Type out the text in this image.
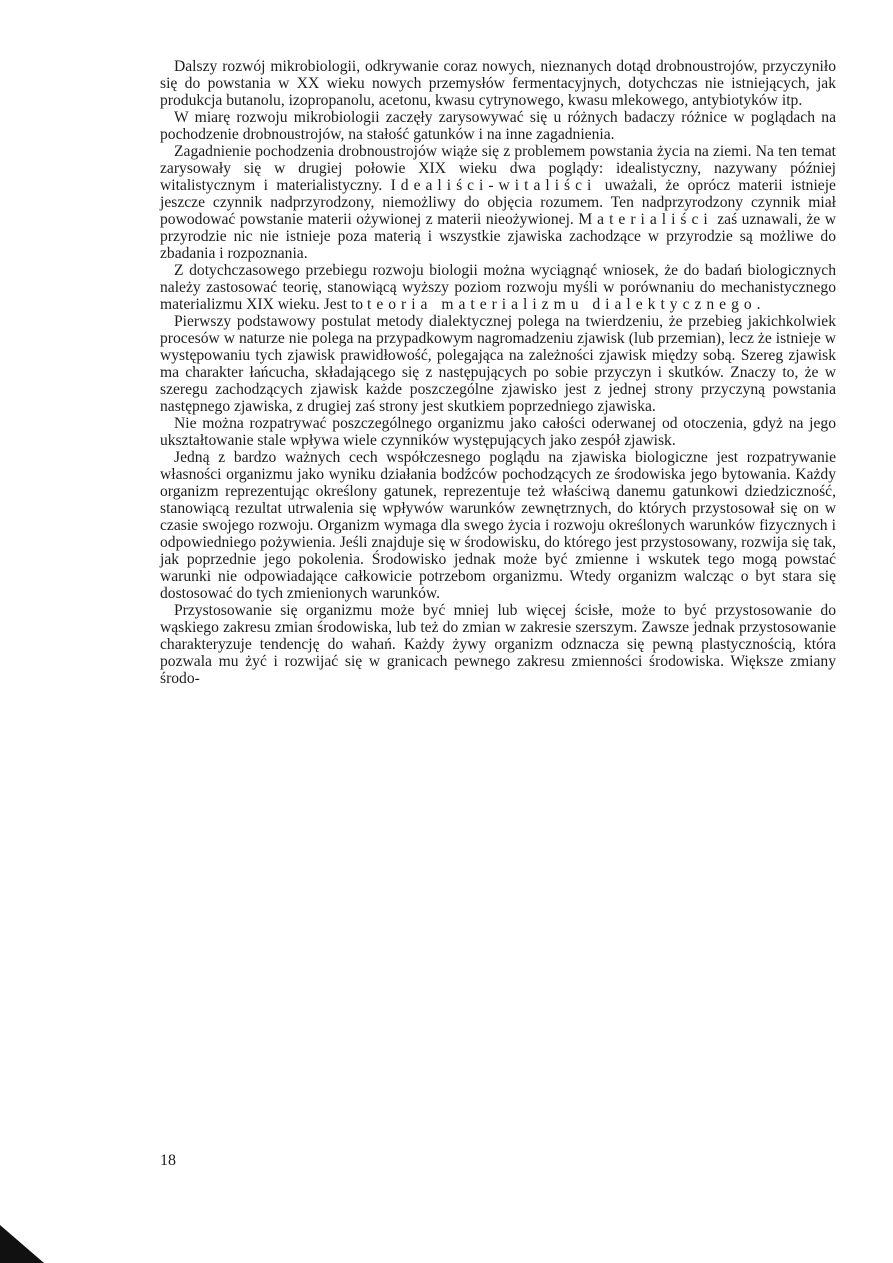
Dalszy rozwój mikrobiologii, odkrywanie coraz nowych, nieznanych dotąd drobnoustrojów, przyczyniło się do powstania w XX wieku nowych przemysłów fermentacyjnych, dotychczas nie istniejących, jak produkcja butanolu, izopropanolu, acetonu, kwasu cytrynowego, kwasu mlekowego, antybiotyków itp.

W miarę rozwoju mikrobiologii zaczęły zarysowywać się u różnych badaczy różnice w poglądach na pochodzenie drobnoustrojów, na stałość gatunków i na inne zagadnienia.

Zagadnienie pochodzenia drobnoustrojów wiąże się z problemem powstania życia na ziemi. Na ten temat zarysowały się w drugiej połowie XIX wieku dwa poglądy: idealistyczny, nazywany później witalistycznym i materialistyczny. Idealiści-witaliści uważali, że oprócz materii istnieje jeszcze czynnik nadprzyrodzony, niemożliwy do objęcia rozumem. Ten nadprzyrodzony czynnik miał powodować powstanie materii ożywionej z materii nieożywionej. Materialiści zaś uznawali, że w przyrodzie nic nie istnieje poza materią i wszystkie zjawiska zachodzące w przyrodzie są możliwe do zbadania i rozpoznania.

Z dotychczasowego przebiegu rozwoju biologii można wyciągnąć wniosek, że do badań biologicznych należy zastosować teorię, stanowiącą wyższy poziom rozwoju myśli w porównaniu do mechanistycznego materializmu XIX wieku. Jest to teoria materializmu dialektycznego.

Pierwszy podstawowy postulat metody dialektycznej polega na twierdzeniu, że przebieg jakichkolwiek procesów w naturze nie polega na przypadkowym nagromadzeniu zjawisk (lub przemian), lecz że istnieje w występowaniu tych zjawisk prawidłowość, polegająca na zależności zjawisk między sobą. Szereg zjawisk ma charakter łańcucha, składającego się z następujących po sobie przyczyn i skutków. Znaczy to, że w szeregu zachodzących zjawisk każde poszczególne zjawisko jest z jednej strony przyczyną powstania następnego zjawiska, z drugiej zaś strony jest skutkiem poprzedniego zjawiska.

Nie można rozpatrywać poszczególnego organizmu jako całości oderwanej od otoczenia, gdyż na jego ukształtowanie stale wpływa wiele czynników występujących jako zespół zjawisk.

Jedną z bardzo ważnych cech współczesnego poglądu na zjawiska biologiczne jest rozpatrywanie własności organizmu jako wyniku działania bodźców pochodzących ze środowiska jego bytowania. Każdy organizm reprezentując określony gatunek, reprezentuje też właściwą danemu gatunkowi dziedziczność, stanowiącą rezultat utrwalenia się wpływów warunków zewnętrznych, do których przystosował się on w czasie swojego rozwoju. Organizm wymaga dla swego życia i rozwoju określonych warunków fizycznych i odpowiedniego pożywienia. Jeśli znajduje się w środowisku, do którego jest przystosowany, rozwija się tak, jak poprzednie jego pokolenia. Środowisko jednak może być zmienne i wskutek tego mogą powstać warunki nie odpowiadające całkowicie potrzebom organizmu. Wtedy organizm walcząc o byt stara się dostosować do tych zmienionych warunków.

Przystosowanie się organizmu może być mniej lub więcej ścisłe, może to być przystosowanie do wąskiego zakresu zmian środowiska, lub też do zmian w zakresie szerszym. Zawsze jednak przystosowanie charakteryzuje tendencję do wahań. Każdy żywy organizm odznacza się pewną plastycznością, która pozwala mu żyć i rozwijać się w granicach pewnego zakresu zmienności środowiska. Większe zmiany środo-

18
